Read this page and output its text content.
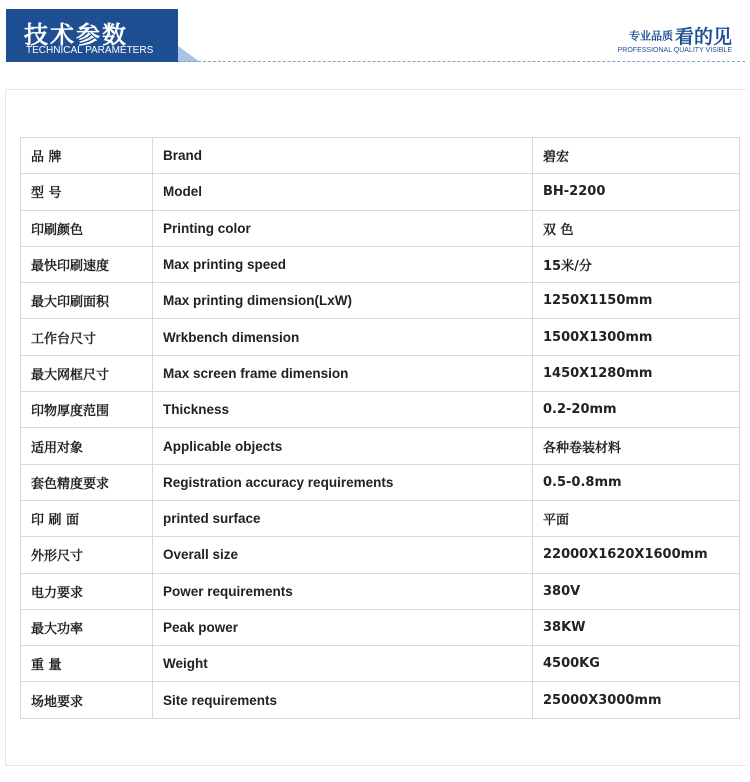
技术参数
TECHNICAL PARAMETERS
专业品质 看的见
PROFESSIONAL QUALITY VISIBLE
品 牌	Brand	碧宏
型 号	Model	BH-2200
印刷颜色	Printing color	双 色
最快印刷速度	Max printing speed	15米/分
最大印刷面积	Max printing dimension(LxW)	1250X1150mm
工作台尺寸	Wrkbench dimension	1500X1300mm
最大网框尺寸	Max screen frame dimension	1450X1280mm
印物厚度范围	Thickness	0.2-20mm
适用对象	Applicable objects	各种卷装材料
套色精度要求	Registration accuracy requirements	0.5-0.8mm
印 刷 面	printed surface	平面
外形尺寸	Overall size	22000X1620X1600mm
电力要求	Power requirements	380V
最大功率	Peak power	38KW
重 量	Weight	4500KG
场地要求	Site requirements	25000X3000mm
